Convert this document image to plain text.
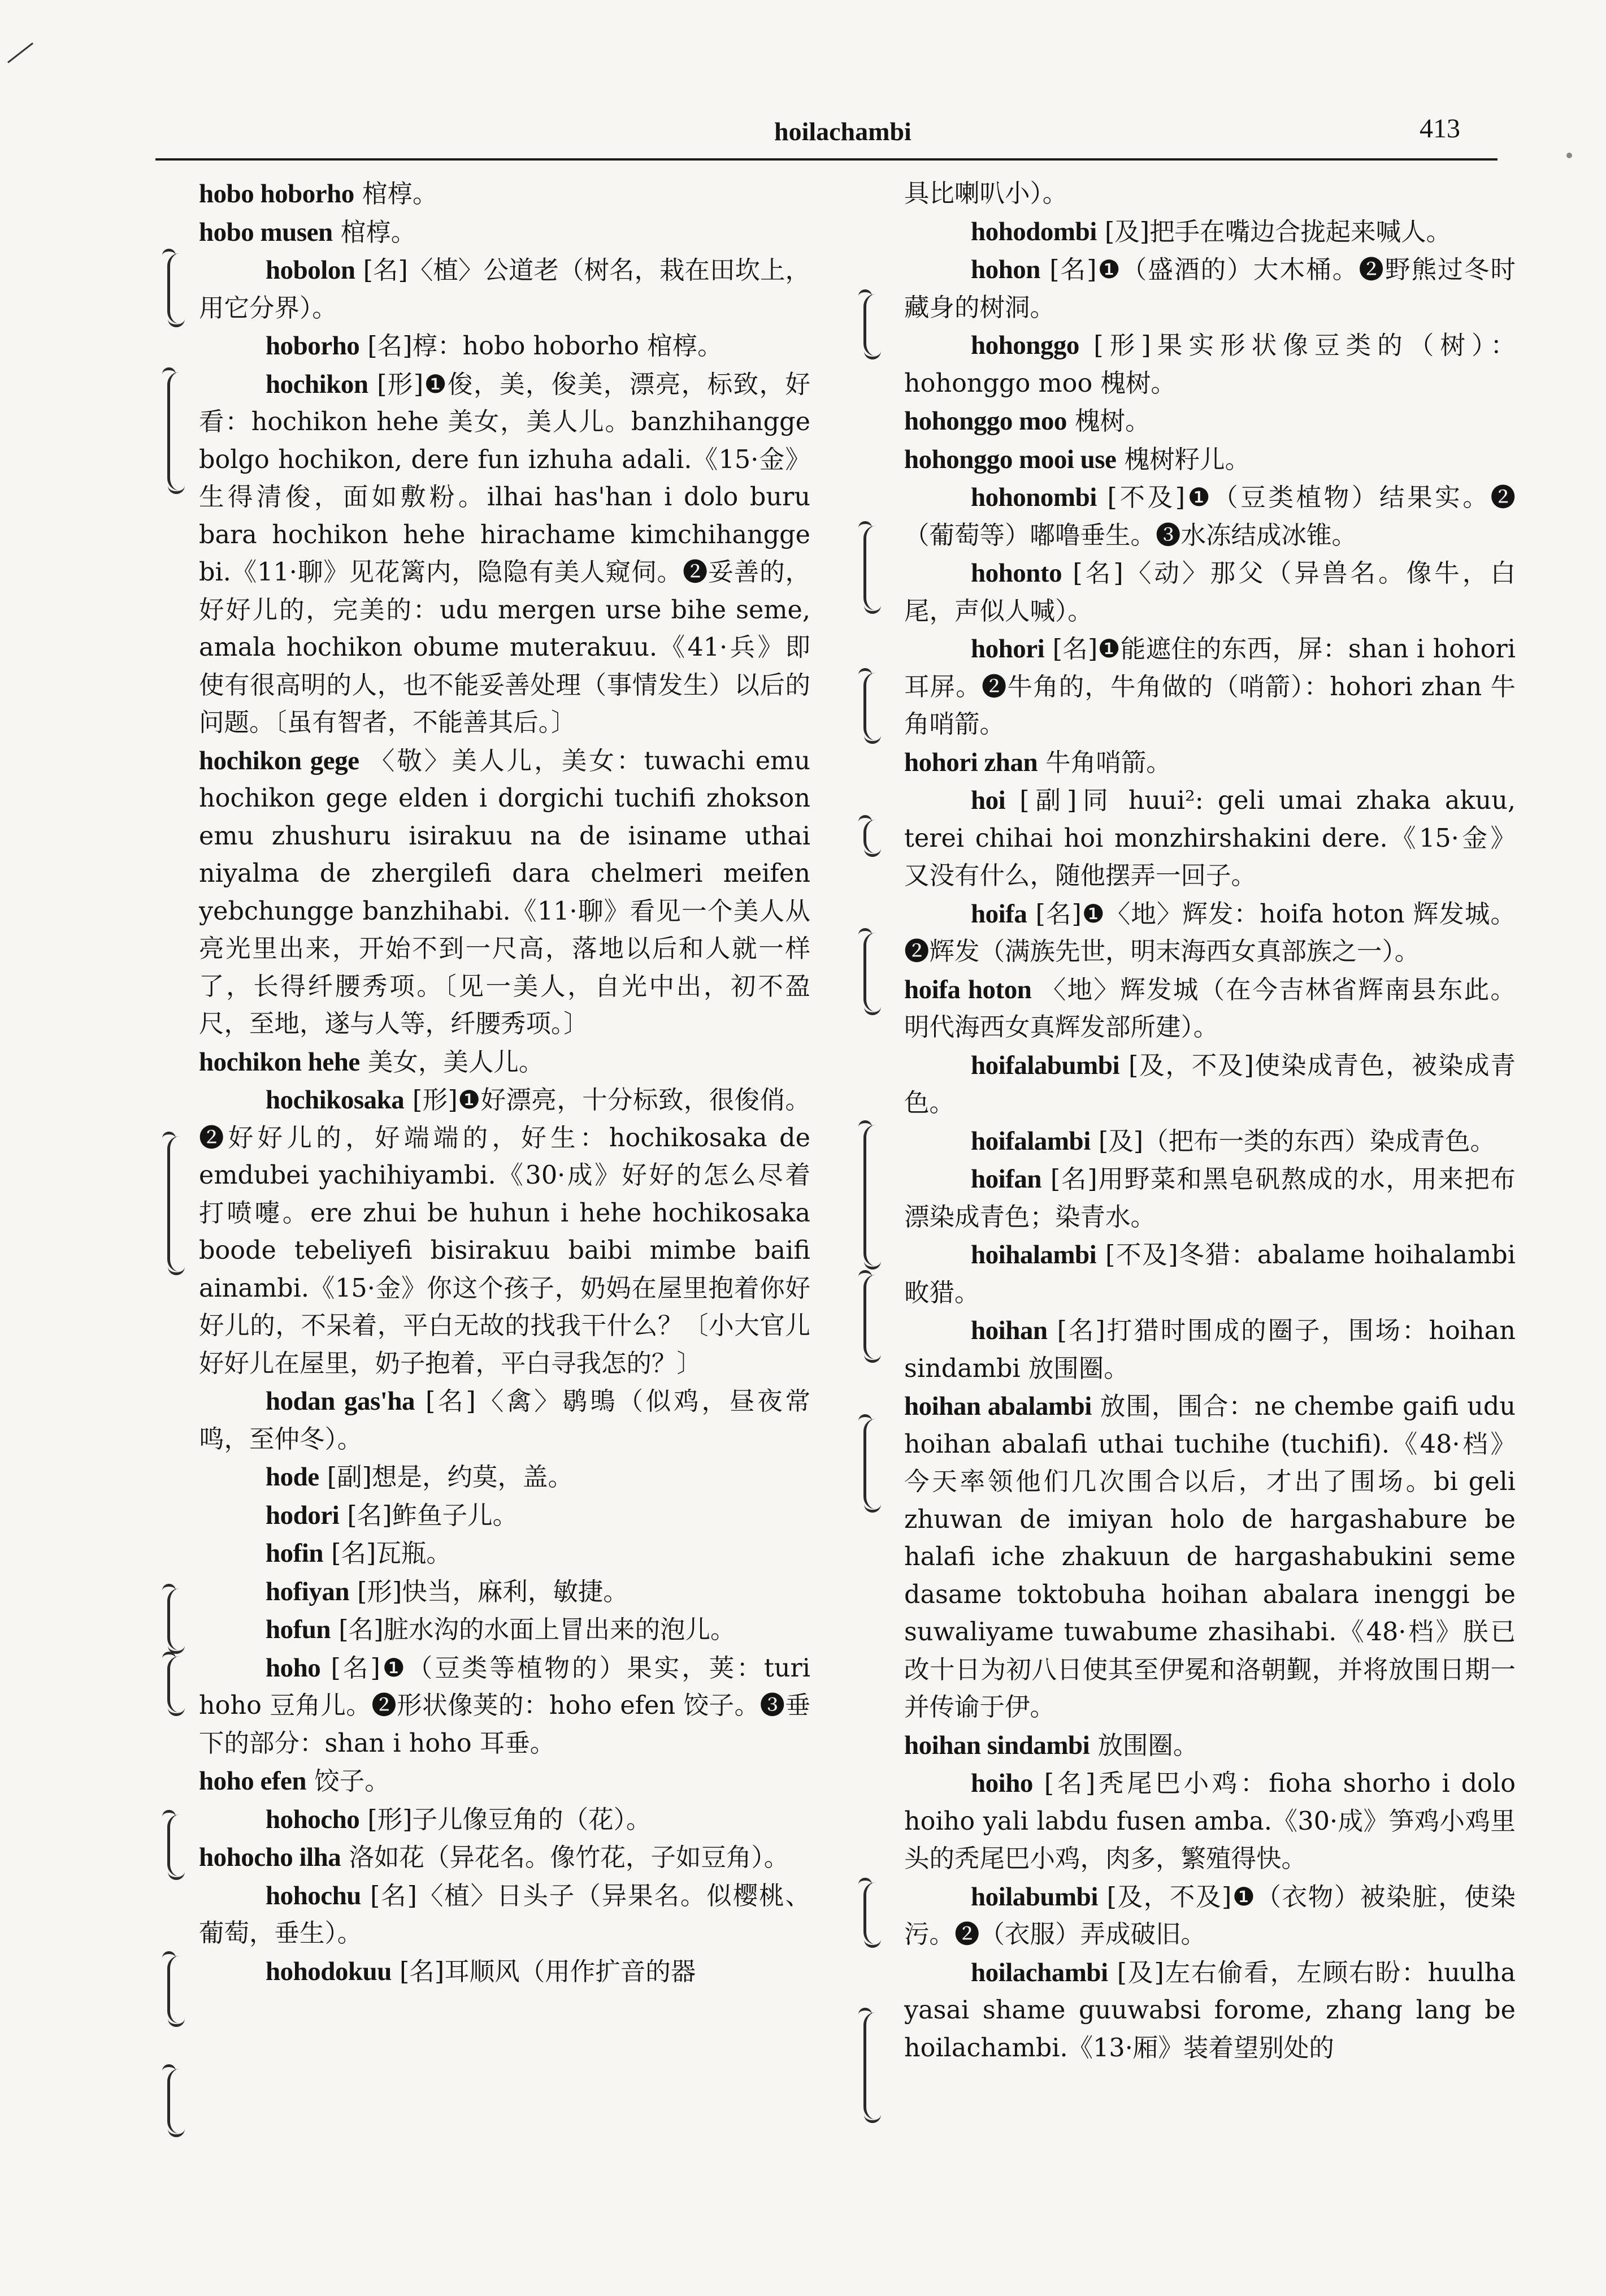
hoilachambi	413

hobo hoborho 棺椁。

hobo musen 棺椁。

hobolon [名]〈植〉公道老（树名，栽在田坎上，用它分界）。

hoborho [名]椁：hobo hoborho 棺椁。

hochikon [形]❶俊，美，俊美，漂亮，标致，好看：hochikon hehe 美女，美人儿。banzhihangge bolgo hochikon, dere fun izhuha adali.《15·金》生得清俊，面如敷粉。ilhai has'han i dolo buru bara hochikon hehe hirachame kimchihangge bi.《11·聊》见花篱内，隐隐有美人窥伺。❷妥善的，好好儿的，完美的：udu mergen urse bihe seme, amala hochikon obume muterakuu.《41·兵》即使有很高明的人，也不能妥善处理（事情发生）以后的问题。〔虽有智者，不能善其后。〕

hochikon gege 〈敬〉美人儿，美女：tuwachi emu hochikon gege elden i dorgichi tuchifi zhokson emu zhushuru isirakuu na de isiname uthai niyalma de zhergilefi dara chelmeri meifen yebchungge banzhihabi.《11·聊》看见一个美人从亮光里出来，开始不到一尺高，落地以后和人就一样了，长得纤腰秀项。〔见一美人，自光中出，初不盈尺，至地，遂与人等，纤腰秀项。〕

hochikon hehe 美女，美人儿。

hochikosaka [形]❶好漂亮，十分标致，很俊俏。❷好好儿的，好端端的，好生：hochikosaka de emdubei yachihiyambi.《30·成》好好的怎么尽着打喷嚏。ere zhui be huhun i hehe hochikosaka boode tebeliyefi bisirakuu baibi mimbe baifi ainambi.《15·金》你这个孩子，奶妈在屋里抱着你好好儿的，不呆着，平白无故的找我干什么？〔小大官儿好好儿在屋里，奶子抱着，平白寻我怎的？〕

hodan gas'ha [名]〈禽〉鹖鴠（似鸡，昼夜常鸣，至仲冬）。

hode [副]想是，约莫，盖。

hodori [名]鲊鱼子儿。

hofin [名]瓦瓶。

hofiyan [形]快当，麻利，敏捷。

hofun [名]脏水沟的水面上冒出来的泡儿。

hoho [名]❶（豆类等植物的）果实，荚：turi hoho 豆角儿。❷形状像荚的：hoho efen 饺子。❸垂下的部分：shan i hoho 耳垂。

hoho efen 饺子。

hohocho [形]子儿像豆角的（花）。

hohocho ilha 洛如花（异花名。像竹花，子如豆角）。

hohochu [名]〈植〉日头子（异果名。似樱桃、葡萄，垂生）。

hohodokuu [名]耳顺风（用作扩音的器

具比喇叭小）。

hohodombi [及]把手在嘴边合拢起来喊人。

hohon [名]❶（盛酒的）大木桶。❷野熊过冬时藏身的树洞。

hohonggo [形]果实形状像豆类的（树）：hohonggo moo 槐树。

hohonggo moo 槐树。

hohonggo mooi use 槐树籽儿。

hohonombi [不及]❶（豆类植物）结果实。❷（葡萄等）嘟噜垂生。❸水冻结成冰锥。

hohonto [名]〈动〉那父（异兽名。像牛，白尾，声似人喊）。

hohori [名]❶能遮住的东西，屏：shan i hohori 耳屏。❷牛角的，牛角做的（哨箭）：hohori zhan 牛角哨箭。

hohori zhan 牛角哨箭。

hoi [副]同 huui²: geli umai zhaka akuu, terei chihai hoi monzhirshakini dere.《15·金》又没有什么，随他摆弄一回子。

hoifa [名]❶〈地〉辉发：hoifa hoton 辉发城。❷辉发（满族先世，明末海西女真部族之一）。

hoifa hoton 〈地〉辉发城（在今吉林省辉南县东此。明代海西女真辉发部所建）。

hoifalabumbi [及，不及]使染成青色，被染成青色。

hoifalambi [及]（把布一类的东西）染成青色。

hoifan [名]用野菜和黑皂矾熬成的水，用来把布漂染成青色；染青水。

hoihalambi [不及]冬猎：abalame hoihalambi 畋猎。

hoihan [名]打猎时围成的圈子，围场：hoihan sindambi 放围圈。

hoihan abalambi 放围，围合：ne chembe gaifi udu hoihan abalafi uthai tuchihe (tuchifi).《48·档》今天率领他们几次围合以后，才出了围场。bi geli zhuwan de imiyan holo de hargashabure be halafi iche zhakuun de hargashabukini seme dasame toktobuha hoihan abalara inenggi be suwaliyame tuwabume zhasihabi.《48·档》朕已改十日为初八日使其至伊冕和洛朝觐，并将放围日期一并传谕于伊。

hoihan sindambi 放围圈。

hoiho [名]秃尾巴小鸡：fioha shorho i dolo hoiho yali labdu fusen amba.《30·成》笋鸡小鸡里头的秃尾巴小鸡，肉多，繁殖得快。

hoilabumbi [及，不及]❶（衣物）被染脏，使染污。❷（衣服）弄成破旧。

hoilachambi [及]左右偷看，左顾右盼：huulha yasai shame guuwabsi forome, zhang lang be hoilachambi.《13·厢》装着望别处的
